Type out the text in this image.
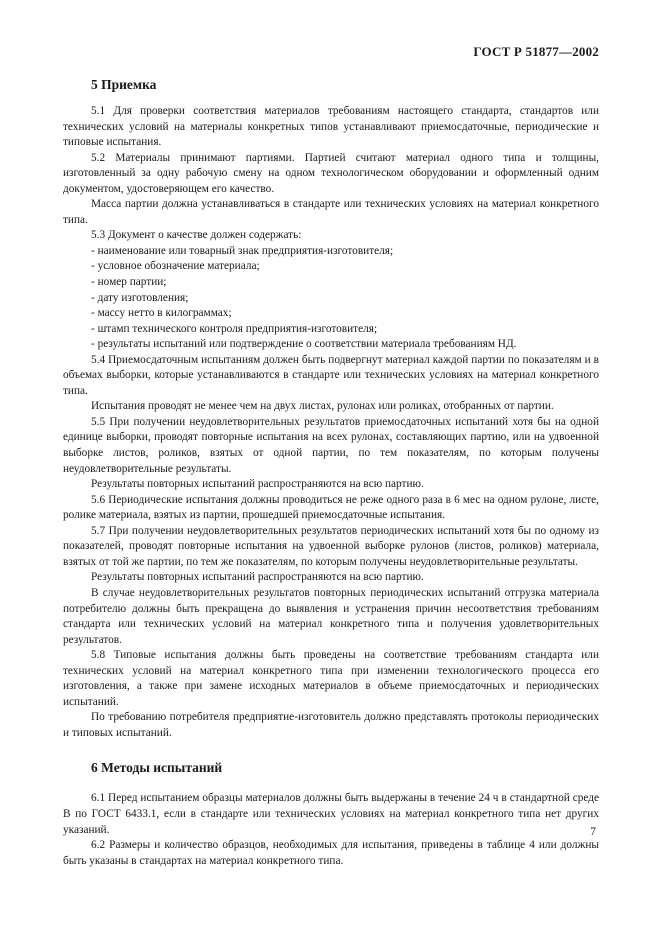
ГОСТ Р 51877—2002
5 Приемка

5.1 Для проверки соответствия материалов требованиям настоящего стандарта, стандартов или технических условий на материалы конкретных типов устанавливают приемосдаточные, периодические и типовые испытания.

5.2 Материалы принимают партиями. Партией считают материал одного типа и толщины, изготовленный за одну рабочую смену на одном технологическом оборудовании и оформленный одним документом, удостоверяющем его качество.

Масса партии должна устанавливаться в стандарте или технических условиях на материал конкретного типа.

5.3 Документ о качестве должен содержать:

- наименование или товарный знак предприятия-изготовителя;
- условное обозначение материала;
- номер партии;
- дату изготовления;
- массу нетто в килограммах;
- штамп технического контроля предприятия-изготовителя;
- результаты испытаний или подтверждение о соответствии материала требованиям НД.

5.4 Приемосдаточным испытаниям должен быть подвергнут материал каждой партии по показателям и в объемах выборки, которые устанавливаются в стандарте или технических условиях на материал конкретного типа.

Испытания проводят не менее чем на двух листах, рулонах или роликах, отобранных от партии.

5.5 При получении неудовлетворительных результатов приемосдаточных испытаний хотя бы на одной единице выборки, проводят повторные испытания на всех рулонах, составляющих партию, или на удвоенной выборке листов, роликов, взятых от одной партии, по тем показателям, по которым получены неудовлетворительные результаты.

Результаты повторных испытаний распространяются на всю партию.

5.6 Периодические испытания должны проводиться не реже одного раза в 6 мес на одном рулоне, листе, ролике материала, взятых из партии, прошедшей приемосдаточные испытания.

5.7 При получении неудовлетворительных результатов периодических испытаний хотя бы по одному из показателей, проводят повторные испытания на удвоенной выборке рулонов (листов, роликов) материала, взятых от той же партии, по тем же показателям, по которым получены неудовлетворительные результаты.

Результаты повторных испытаний распространяются на всю партию.

В случае неудовлетворительных результатов повторных периодических испытаний отгрузка материала потребителю должны быть прекращена до выявления и устранения причин несоответствия требованиям стандарта или технических условий на материал конкретного типа и получения удовлетворительных результатов.

5.8 Типовые испытания должны быть проведены на соответствие требованиям стандарта или технических условий на материал конкретного типа при изменении технологического процесса его изготовления, а также при замене исходных материалов в объеме приемосдаточных и периодических испытаний.

По требованию потребителя предприятие-изготовитель должно представлять протоколы периодических и типовых испытаний.

6 Методы испытаний

6.1 Перед испытанием образцы материалов должны быть выдержаны в течение 24 ч в стандартной среде В по ГОСТ 6433.1, если в стандарте или технических условиях на материал конкретного типа нет других указаний.

6.2 Размеры и количество образцов, необходимых для испытания, приведены в таблице 4 или должны быть указаны в стандартах на материал конкретного типа.

7
